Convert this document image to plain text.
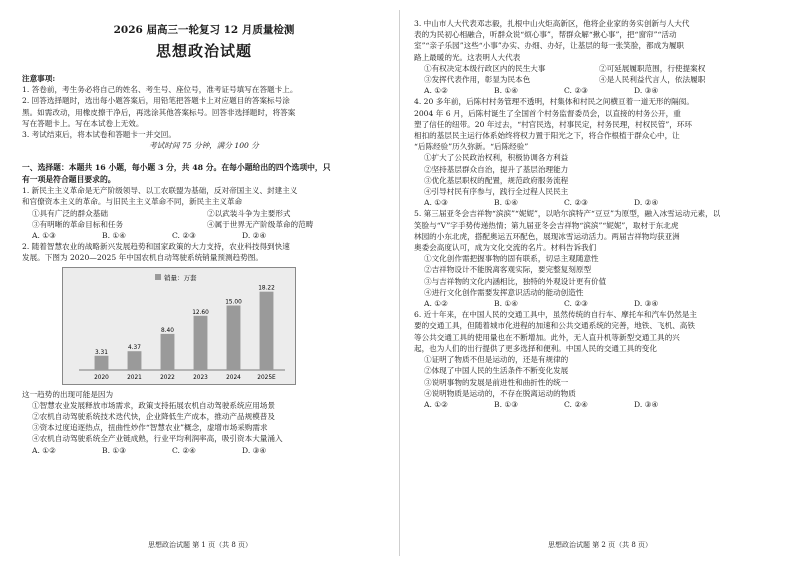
2026 届高三一轮复习 12 月质量检测
思想政治试题
注意事项:
1. 答卷前，考生务必将自己的姓名、考生号、座位号，准考证号填写在答题卡上。
2. 回答选择题时，选出每小题答案后，用铅笔把答题卡上对应题目的答案标号涂
黑。如需改动，用橡皮擦干净后，再选涂其他答案标号。回答非选择题时，将答案
写在答题卡上。写在本试卷上无效。
3. 考试结束后，将本试卷和答题卡一并交回。
考试时间 75 分钟，满分 100 分
一、选择题：本题共 16 小题，每小题 3 分，共 48 分。在每小题给出的四个选项中，只
有一项是符合题目要求的。
1. 新民主主义革命是无产阶级领导、以工农联盟为基础，反对帝国主义、封建主义
和官僚资本主义的革命。与旧民主主义革命不同，新民主主义革命
①具有广泛的群众基础	②以武装斗争为主要形式
③有明晰的革命目标和任务	④属于世界无产阶级革命的范畴
A. ①③	B. ①④	C. ②③	D. ②④
2. 随着智慧农业的战略新兴发展趋势和国家政策的大力支持，农业科技得到快速
发展。下图为 2020—2025 年中国农机自动驾驶系统销量预测趋势图。
销量：万套
3.31
2020
4.37
2021
8.40
2022
12.60
2023
15.00
2024
18.22
2025E
这一趋势的出现可能是因为
①智慧农业发展释放市场需求，政策支持拓展农机自动驾驶系统应用场景
②农机自动驾驶系统技术迭代快，企业降低生产成本，推动产品规模普及
③资本过度追逐热点，扭曲性炒作“智慧农业”概念，虚增市场采购需求
④农机自动驾驶系统全产业链成熟，行业平均利润率高，吸引资本大量涌入
A. ①②	B. ①③	C. ②④	D. ③④
思想政治试题 第 1 页（共 8 页）
3. 中山市人大代表邓志毅，扎根中山火炬高新区，他将企业家的务实创新与人大代
表的为民初心相融合，听群众说“烦心事”，帮群众解“揪心事”，把“窗帘”“活动
室”“亲子乐园”这些“小事”办实、办细、办好，让基层的每一张笑脸，都成为履职
路上最暖的光。这表明人大代表
①有权决定本级行政区内的民生大事	②可延展履职范围，行使提案权
③发挥代表作用，彰显为民本色	④是人民利益代言人，依法履职
A. ①②	B. ①④	C. ②③	D. ③④
4. 20 多年前，后陈村村务管理不透明，村集体和村民之间横亘着一道无形的隔阂。
2004 年 6 月，后陈村诞生了全国首个村务监督委员会，以直接的村务公开，重
塑了信任的纽带。20 年过去，“村官民选，村事民定，村务民理，村权民管”，环环
相扣的基层民主运行体系始终将权力置于阳光之下，将合作根植于群众心中，让
“后陈经验”历久弥新。“后陈经验”
①扩大了公民政治权利，积极协调各方利益
②坚持基层群众自治，提升了基层治理能力
③优化基层职权的配置，规范政府服务流程
④引导村民有序参与，践行全过程人民民主
A. ①③	B. ①④	C. ②③	D. ②④
5. 第三届亚冬会吉祥物“滨滨”“妮妮”，以哈尔滨特产“豆豆”为原型，融入冰雪运动元素，以
笑脸与“V”字手势传递热情；第九届亚冬会吉祥物“滨滨”“妮妮”，取材于东北虎
林园的小东北虎，搭配奥运五环配色，展现冰雪运动活力。两届吉祥物均获亚洲
奥委会高度认可，成为文化交流的名片。材料告诉我们
①文化创作需把握事物的固有联系，切忌主观随意性
②吉祥物设计不能脱离客观实际，要完整复刻原型
③与吉祥物的文化内涵相比，独特的外观设计更有价值
④进行文化创作需要发挥意识活动的能动创造性
A. ①②	B. ①④	C. ②③	D. ③④
6. 近十年来，在中国人民的交通工具中，虽然传统的自行车、摩托车和汽车仍然是主
要的交通工具，但随着城市化进程的加速和公共交通系统的完善，地铁、飞机、高铁
等公共交通工具的使用量也在不断增加。此外，无人直升机等新型交通工具的兴
起，也为人们的出行提供了更多选择和便利。中国人民的交通工具的变化
①证明了物质不但是运动的，还是有规律的
②体现了中国人民的生活条件不断变化发展
③说明事物的发展是前进性和曲折性的统一
④说明物质是运动的，不存在脱离运动的物质
A. ①②	B. ①③	C. ②④	D. ③④
思想政治试题 第 2 页（共 8 页）
